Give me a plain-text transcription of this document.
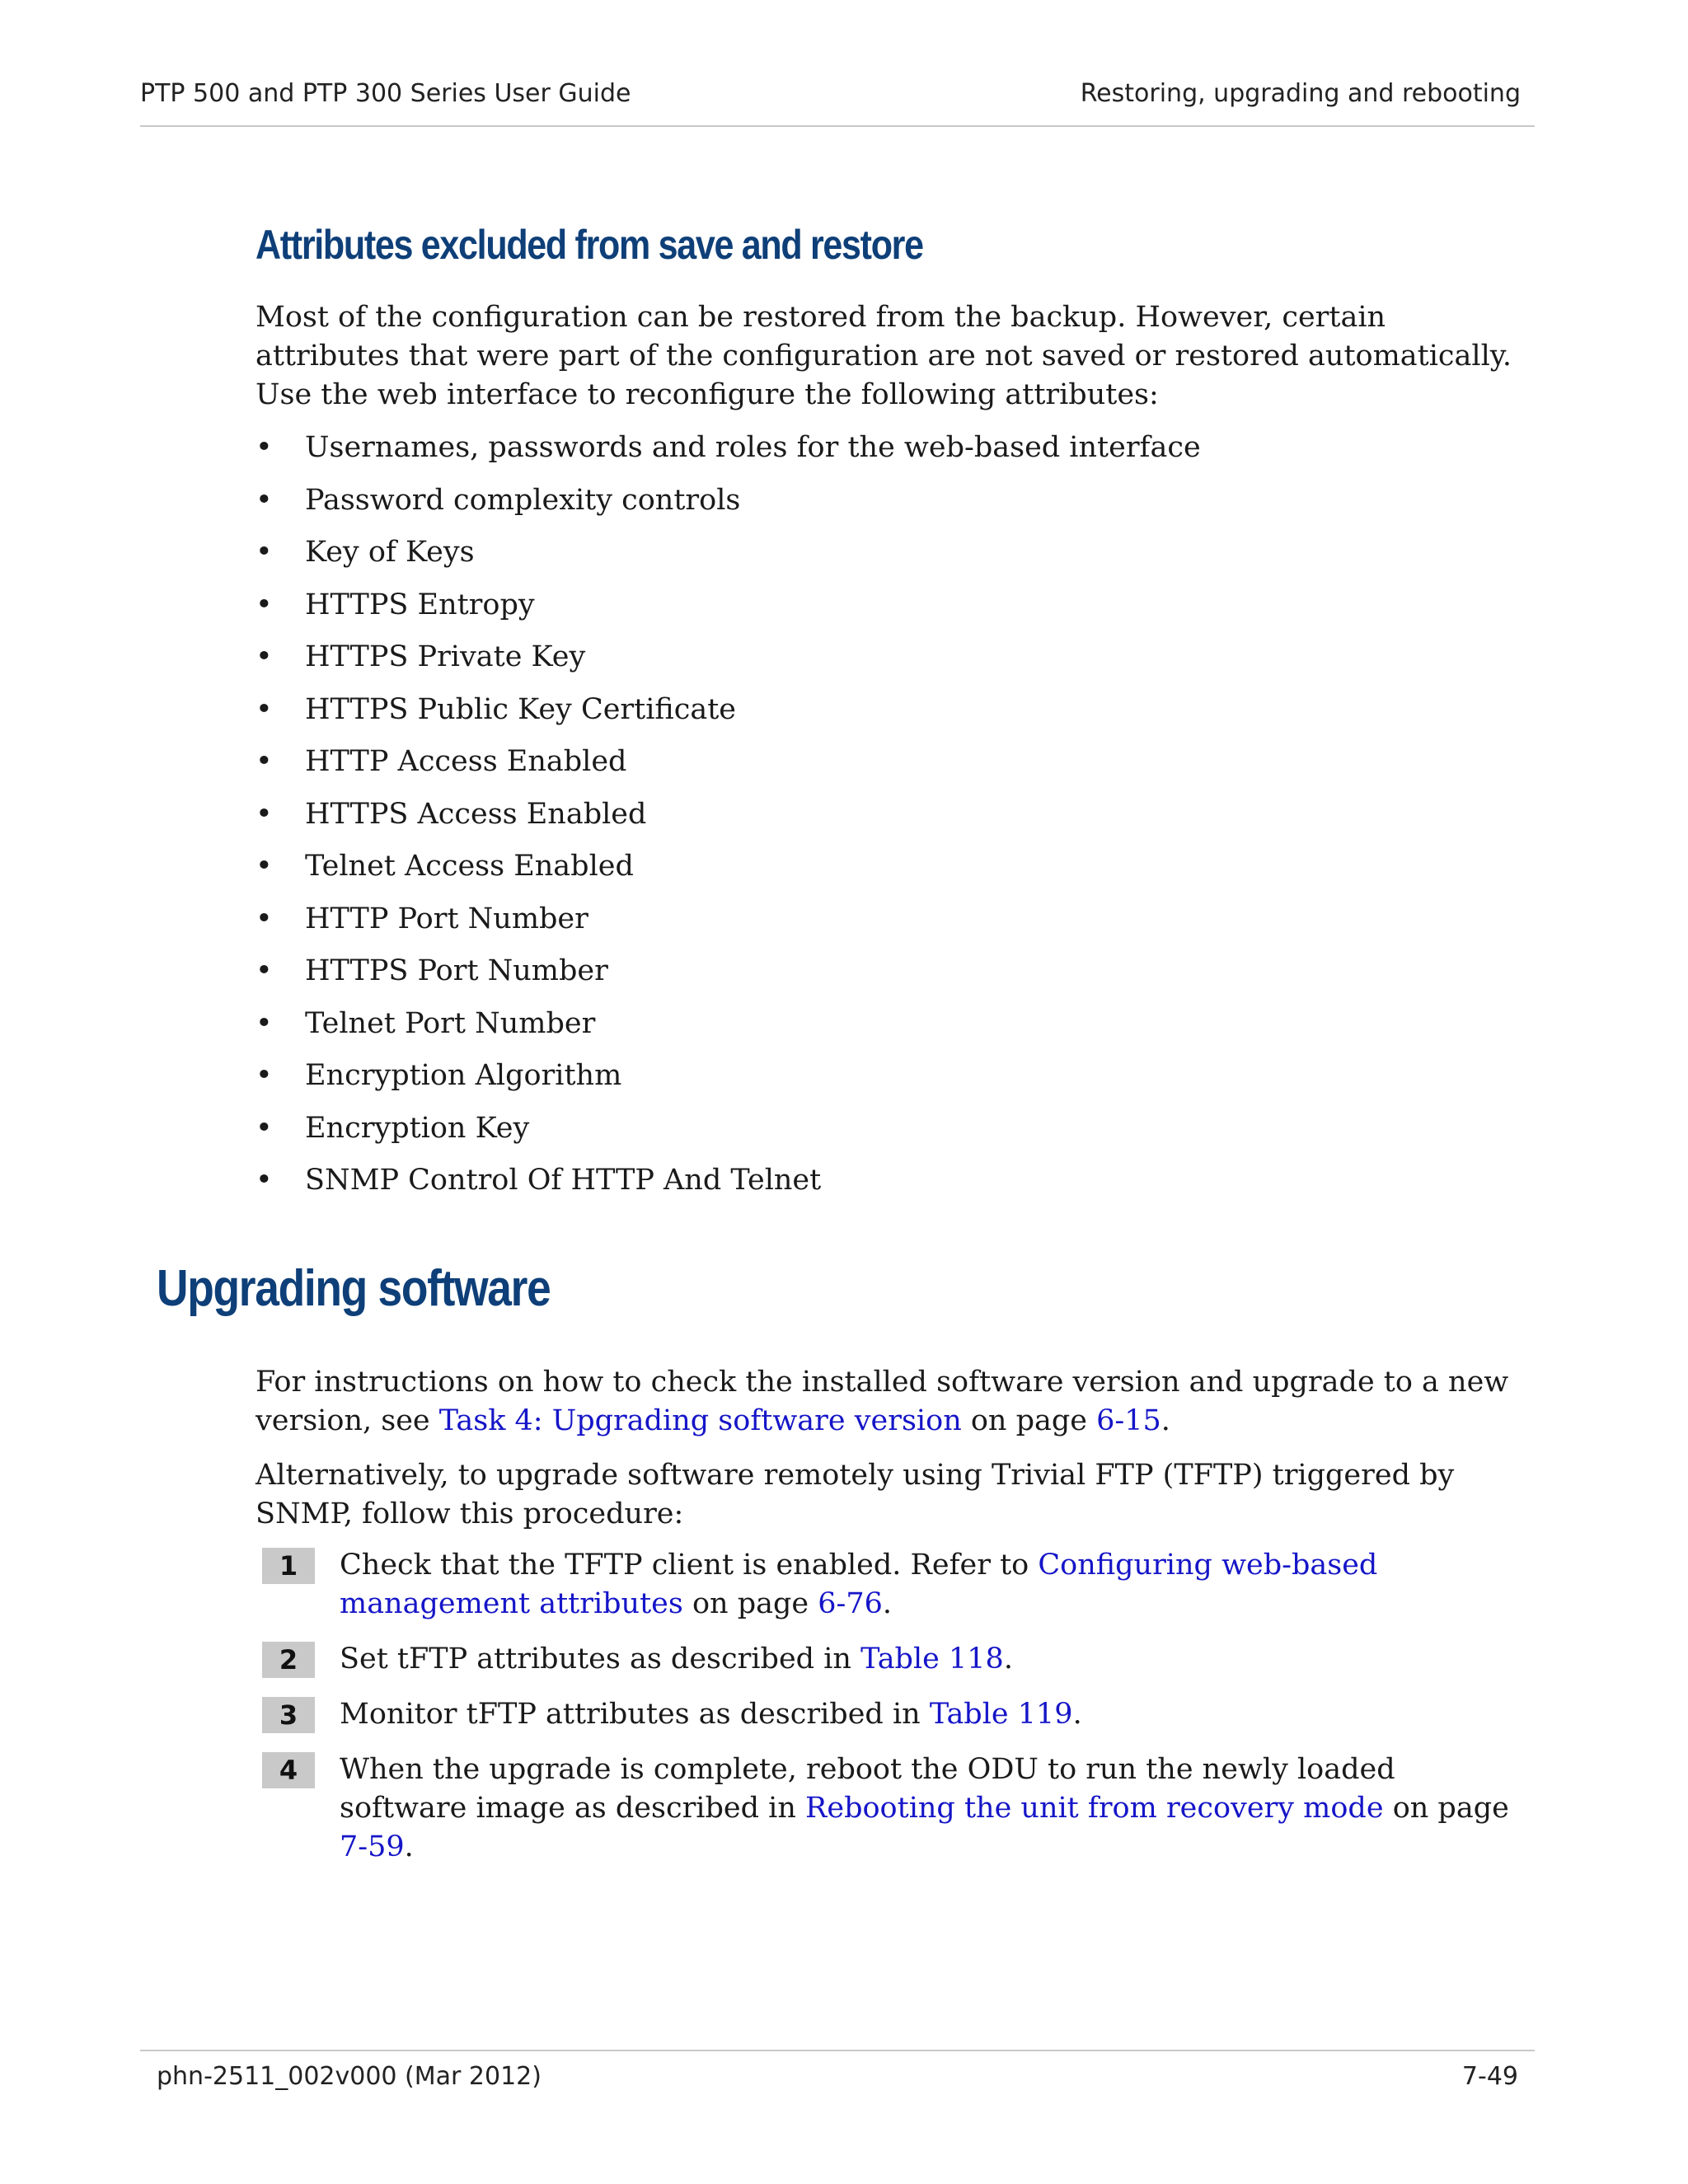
PTP 500 and PTP 300 Series User Guide	Restoring, upgrading and rebooting
Attributes excluded from save and restore

Most of the configuration can be restored from the backup. However, certain attributes that were part of the configuration are not saved or restored automatically. Use the web interface to reconfigure the following attributes:

• Usernames, passwords and roles for the web-based interface
• Password complexity controls
• Key of Keys
• HTTPS Entropy
• HTTPS Private Key
• HTTPS Public Key Certificate
• HTTP Access Enabled
• HTTPS Access Enabled
• Telnet Access Enabled
• HTTP Port Number
• HTTPS Port Number
• Telnet Port Number
• Encryption Algorithm
• Encryption Key
• SNMP Control Of HTTP And Telnet
Upgrading software

For instructions on how to check the installed software version and upgrade to a new version, see Task 4: Upgrading software version on page 6-15.

Alternatively, to upgrade software remotely using Trivial FTP (TFTP) triggered by SNMP, follow this procedure:

1	Check that the TFTP client is enabled. Refer to Configuring web-based management attributes on page 6-76.
2	Set tFTP attributes as described in Table 118.
3	Monitor tFTP attributes as described in Table 119.
4	When the upgrade is complete, reboot the ODU to run the newly loaded software image as described in Rebooting the unit from recovery mode on page 7-59.
phn-2511_002v000 (Mar 2012)	7-49
